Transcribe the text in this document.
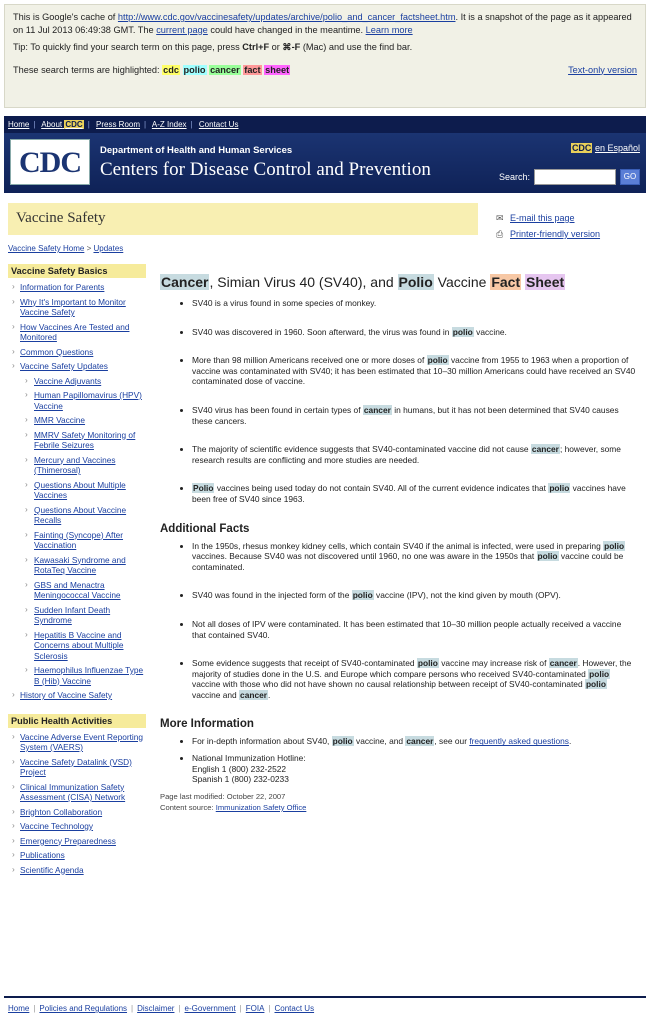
This is Google's cache of http://www.cdc.gov/vaccinesafety/updates/archive/polio_and_cancer_factsheet.htm. It is a snapshot of the page as it appeared on 11 Jul 2013 06:49:38 GMT. The current page could have changed in the meantime. Learn more
Tip: To quickly find your search term on this page, press Ctrl+F or ⌘-F (Mac) and use the find bar.
These search terms are highlighted: cdc polio cancer fact sheet	Text-only version
Home | About CDC | Press Room | A-Z Index | Contact Us
CDC	Department of Health and Human Services
Centers for Disease Control and Prevention
CDC en Español
Search:	GO
Vaccine Safety	✉ E-mail this page
⎙ Printer-friendly version
Vaccine Safety Home > Updates
Vaccine Safety Basics
› Information for Parents
› Why It's Important to Monitor Vaccine Safety
› How Vaccines Are Tested and Monitored
› Common Questions
› Vaccine Safety Updates
› Vaccine Adjuvants
› Human Papillomavirus (HPV) Vaccine
› MMR Vaccine
› MMRV Safety Monitoring of Febrile Seizures
› Mercury and Vaccines (Thimerosal)
› Questions About Multiple Vaccines
› Questions About Vaccine Recalls
› Fainting (Syncope) After Vaccination
› Kawasaki Syndrome and RotaTeq Vaccine
› GBS and Menactra Meningococcal Vaccine
› Sudden Infant Death Syndrome
› Hepatitis B Vaccine and Concerns about Multiple Sclerosis
› Haemophilus Influenzae Type B (Hib) Vaccine
› History of Vaccine Safety
Public Health Activities
› Vaccine Adverse Event Reporting System (VAERS)
› Vaccine Safety Datalink (VSD) Project
› Clinical Immunization Safety Assessment (CISA) Network
› Brighton Collaboration
› Vaccine Technology
› Emergency Preparedness
› Publications
› Scientific Agenda
Cancer, Simian Virus 40 (SV40), and Polio Vaccine Fact Sheet
• SV40 is a virus found in some species of monkey.
• SV40 was discovered in 1960. Soon afterward, the virus was found in polio vaccine.
• More than 98 million Americans received one or more doses of polio vaccine from 1955 to 1963 when a proportion of vaccine was contaminated with SV40; it has been estimated that 10–30 million Americans could have received an SV40 contaminated dose of vaccine.
• SV40 virus has been found in certain types of cancer in humans, but it has not been determined that SV40 causes these cancers.
• The majority of scientific evidence suggests that SV40-contaminated vaccine did not cause cancer; however, some research results are conflicting and more studies are needed.
• Polio vaccines being used today do not contain SV40. All of the current evidence indicates that polio vaccines have been free of SV40 since 1963.
Additional Facts
• In the 1950s, rhesus monkey kidney cells, which contain SV40 if the animal is infected, were used in preparing polio vaccines. Because SV40 was not discovered until 1960, no one was aware in the 1950s that polio vaccine could be contaminated.
• SV40 was found in the injected form of the polio vaccine (IPV), not the kind given by mouth (OPV).
• Not all doses of IPV were contaminated. It has been estimated that 10–30 million people actually received a vaccine that contained SV40.
• Some evidence suggests that receipt of SV40-contaminated polio vaccine may increase risk of cancer. However, the majority of studies done in the U.S. and Europe which compare persons who received SV40-contaminated polio vaccine with those who did not have shown no causal relationship between receipt of SV40-contaminated polio vaccine and cancer.
More Information
• For in-depth information about SV40, polio vaccine, and cancer, see our frequently asked questions.
• National Immunization Hotline:
English 1 (800) 232-2522
Spanish 1 (800) 232-0233
Page last modified: October 22, 2007
Content source: Immunization Safety Office
Home | Policies and Regulations | Disclaimer | e-Government | FOIA | Contact Us
